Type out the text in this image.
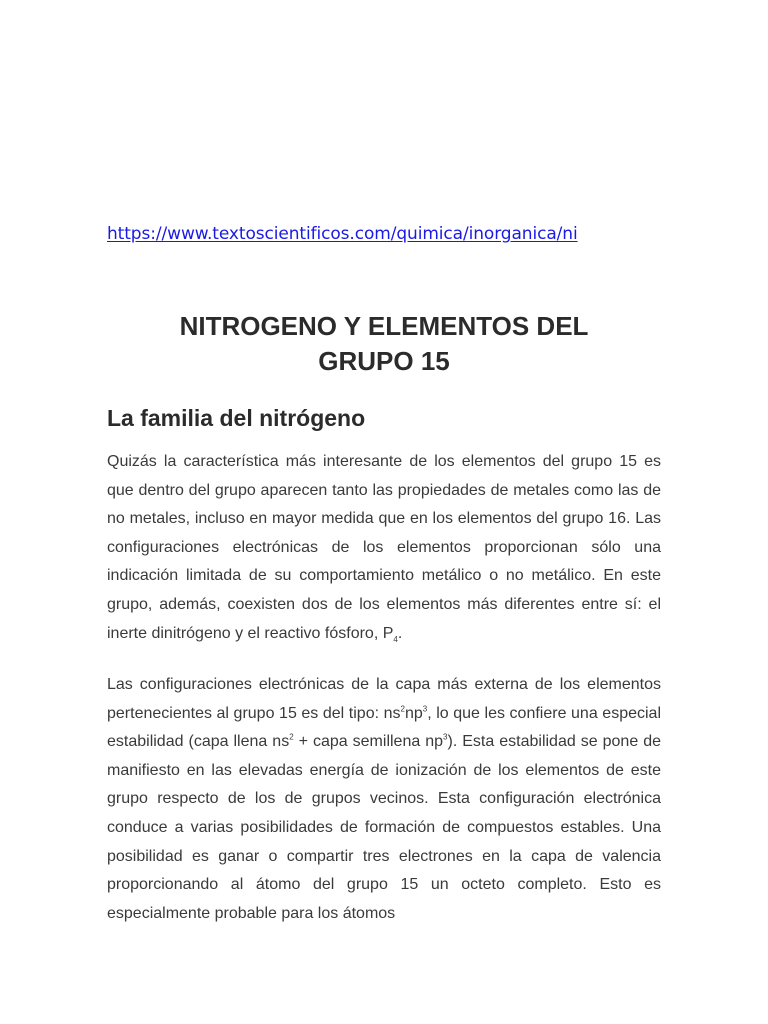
https://www.textoscientificos.com/quimica/inorganica/ni
NITROGENO Y ELEMENTOS DEL
GRUPO 15
La familia del nitrógeno

Quizás la característica más interesante de los elementos del grupo 15 es que dentro del grupo aparecen tanto las propiedades de metales como las de no metales, incluso en mayor medida que en los elementos del grupo 16. Las configuraciones electrónicas de los elementos proporcionan sólo una indicación limitada de su comportamiento metálico o no metálico. En este grupo, además, coexisten dos de los elementos más diferentes entre sí: el inerte dinitrógeno y el reactivo fósforo, $P_4$.

Las configuraciones electrónicas de la capa más externa de los elementos pertenecientes al grupo 15 es del tipo: $ns^2np^3$, lo que les confiere una especial estabilidad (capa llena $ns^2$ + capa semillena $np^3$). Esta estabilidad se pone de manifiesto en las elevadas energía de ionización de los elementos de este grupo respecto de los de grupos vecinos. Esta configuración electrónica conduce a varias posibilidades de formación de compuestos estables. Una posibilidad es ganar o compartir tres electrones en la capa de valencia proporcionando al átomo del grupo 15 un octeto completo. Esto es especialmente probable para los átomos
